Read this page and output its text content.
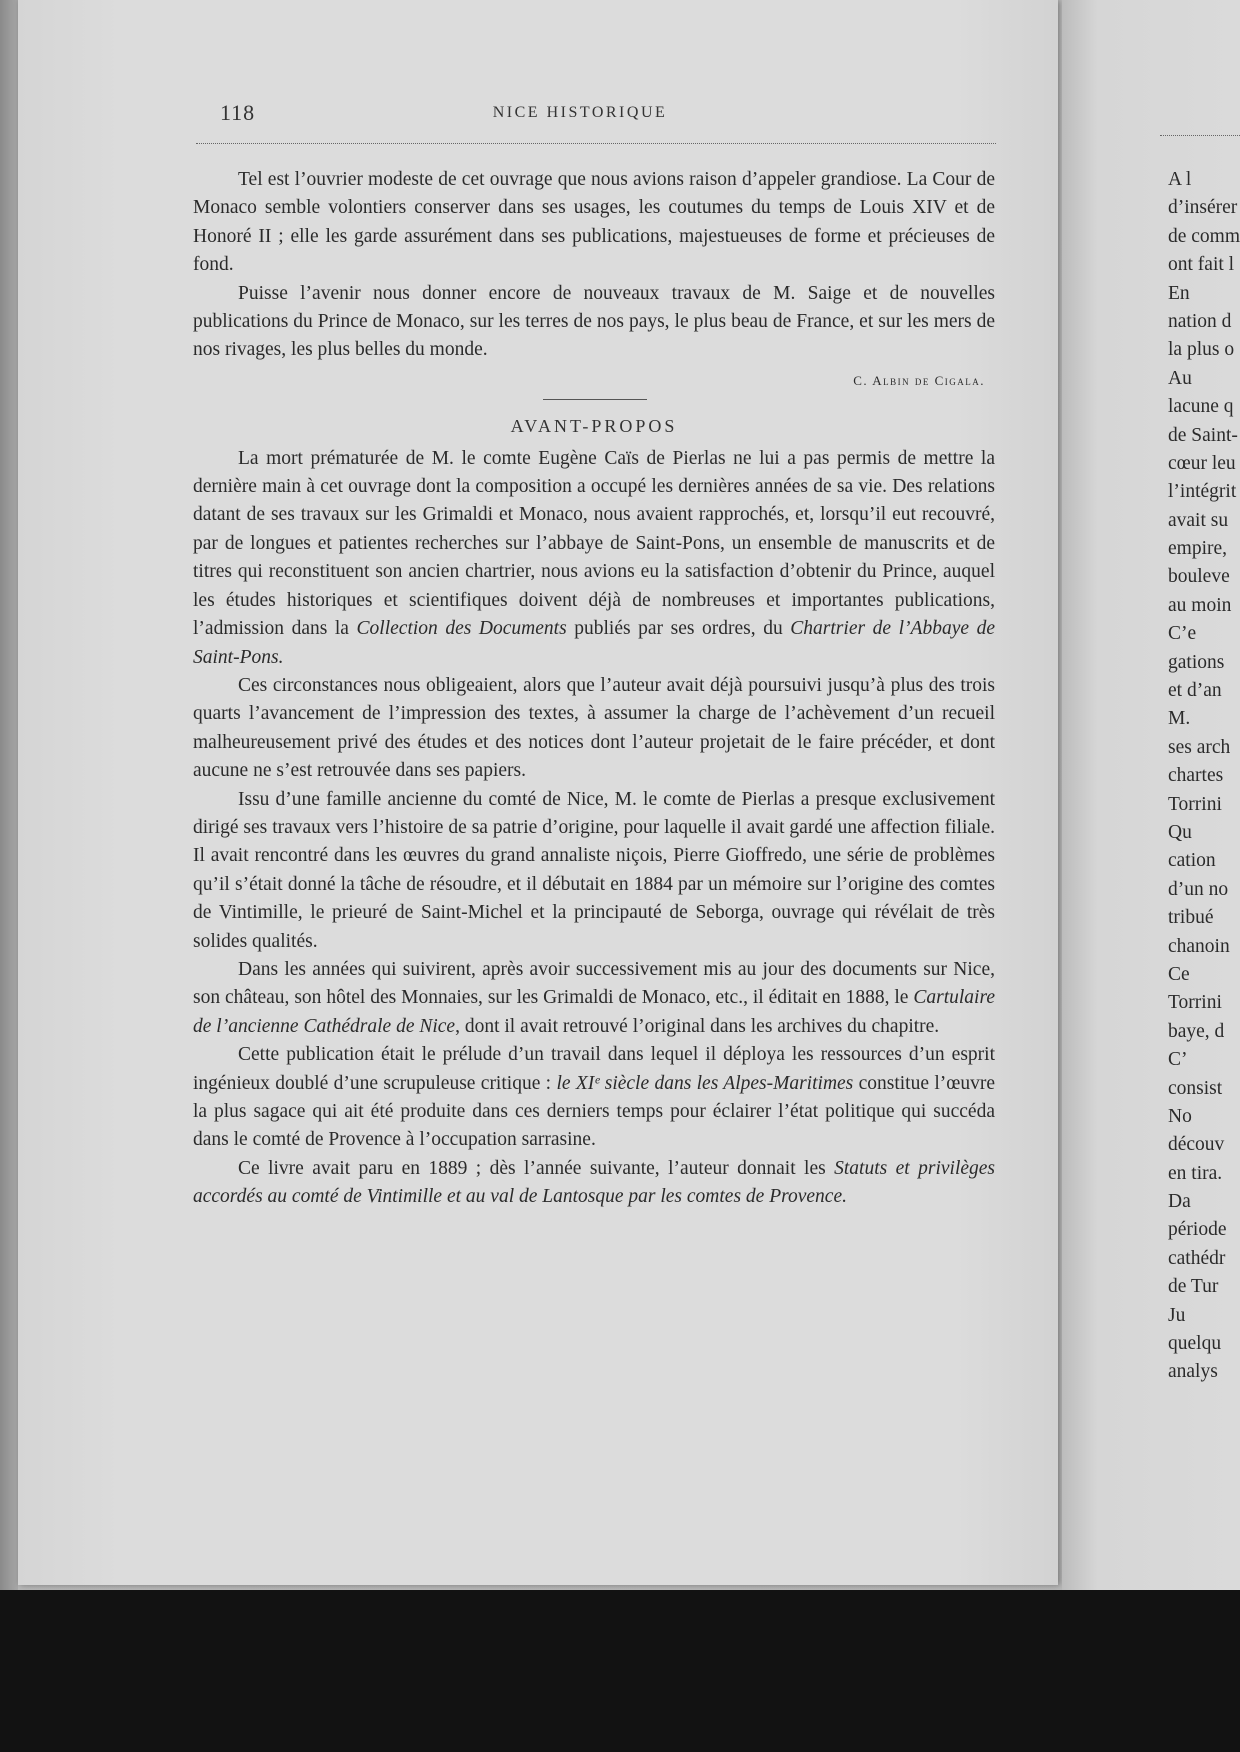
118	NICE HISTORIQUE

Tel est l’ouvrier modeste de cet ouvrage que nous avions raison d’appeler grandiose. La Cour de Monaco semble volontiers conserver dans ses usages, les coutumes du temps de Louis XIV et de Honoré II ; elle les garde assurément dans ses publications, majestueuses de forme et précieuses de fond.

Puisse l’avenir nous donner encore de nouveaux travaux de M. Saige et de nouvelles publications du Prince de Monaco, sur les terres de nos pays, le plus beau de France, et sur les mers de nos rivages, les plus belles du monde.

C. Albin de Cigala.

AVANT-PROPOS

La mort prématurée de M. le comte Eugène Caïs de Pierlas ne lui a pas permis de mettre la dernière main à cet ouvrage dont la composition a occupé les dernières années de sa vie. Des relations datant de ses travaux sur les Grimaldi et Monaco, nous avaient rapprochés, et, lorsqu’il eut recouvré, par de longues et patientes recherches sur l’abbaye de Saint-Pons, un ensemble de manuscrits et de titres qui reconstituent son ancien chartrier, nous avions eu la satisfaction d’obtenir du Prince, auquel les études historiques et scientifiques doivent déjà de nombreuses et importantes publications, l’admission dans la Collection des Documents publiés par ses ordres, du Chartrier de l’Abbaye de Saint-Pons.

Ces circonstances nous obligeaient, alors que l’auteur avait déjà poursuivi jusqu’à plus des trois quarts l’avancement de l’impression des textes, à assumer la charge de l’achèvement d’un recueil malheureusement privé des études et des notices dont l’auteur projetait de le faire précéder, et dont aucune ne s’est retrouvée dans ses papiers.

Issu d’une famille ancienne du comté de Nice, M. le comte de Pierlas a presque exclusivement dirigé ses travaux vers l’histoire de sa patrie d’origine, pour laquelle il avait gardé une affection filiale. Il avait rencontré dans les œuvres du grand annaliste niçois, Pierre Gioffredo, une série de problèmes qu’il s’était donné la tâche de résoudre, et il débutait en 1884 par un mémoire sur l’origine des comtes de Vintimille, le prieuré de Saint-Michel et la principauté de Seborga, ouvrage qui révélait de très solides qualités.

Dans les années qui suivirent, après avoir successivement mis au jour des documents sur Nice, son château, son hôtel des Monnaies, sur les Grimaldi de Monaco, etc., il éditait en 1888, le Cartulaire de l’ancienne Cathédrale de Nice, dont il avait retrouvé l’original dans les archives du chapitre.

Cette publication était le prélude d’un travail dans lequel il déploya les ressources d’un esprit ingénieux doublé d’une scrupuleuse critique : le XIᵉ siècle dans les Alpes-Maritimes constitue l’œuvre la plus sagace qui ait été produite dans ces derniers temps pour éclairer l’état politique qui succéda dans le comté de Provence à l’occupation sarrasine.

Ce livre avait paru en 1889 ; dès l’année suivante, l’auteur donnait les Statuts et privilèges accordés au comté de Vintimille et au val de Lantosque par les comtes de Provence.

A l
d’insérer
de comm
ont fait l
En
nation d
la plus o
Au
lacune q
de Saint-
cœur leu
l’intégrit
avait su
empire,
bouleve
au moin
C’e
gations
et d’an
M.
ses arch
chartes
Torrini
Qu
cation
d’un no
tribué
chanoin
Ce
Torrini
baye, d
C’
consist
No
découv
en tira.
Da
période
cathédr
de Tur
Ju
quelqu
analys
